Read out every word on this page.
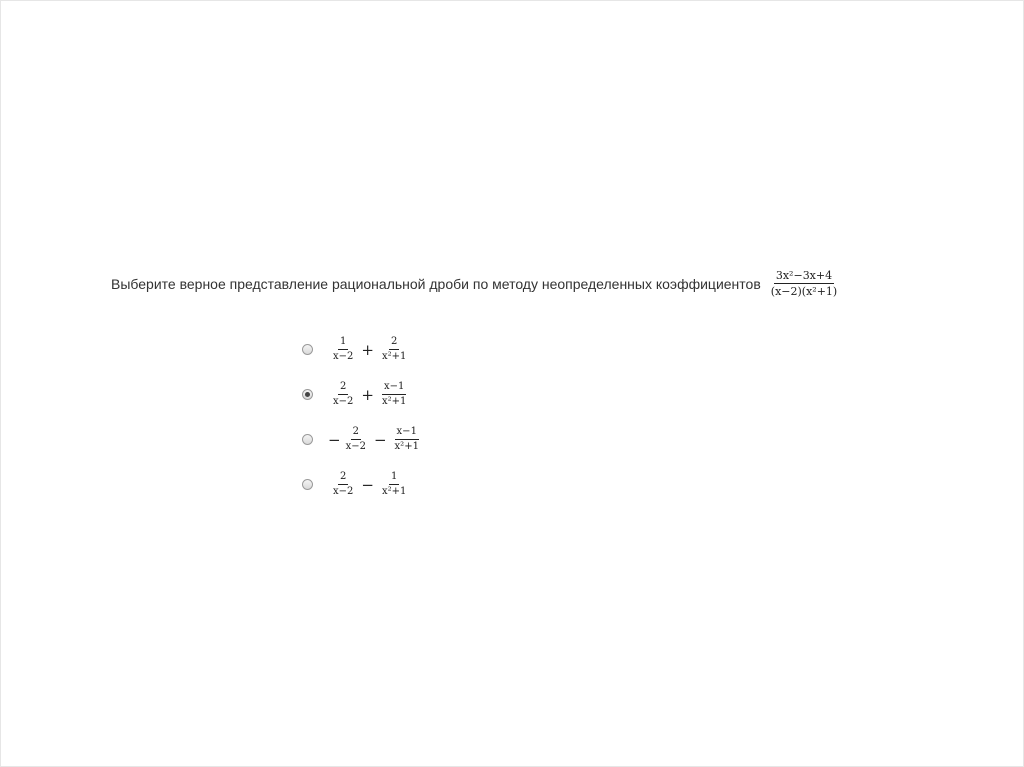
Выберите верное представление рациональной дроби по методу неопределенных коэффициентов $\frac{\text{3x²−3x+4}}{\text{(x−2)(x²+1)}}$
$\frac{1}{x-2} + \frac{2}{\text{x²+1}}$
$\frac{2}{x-2} + \frac{x-1}{\text{x²+1}}$
− $\frac{2}{x-2} - \frac{x-1}{\text{x²+1}}$
$\frac{2}{x-2} - \frac{1}{\text{x²+1}}$
